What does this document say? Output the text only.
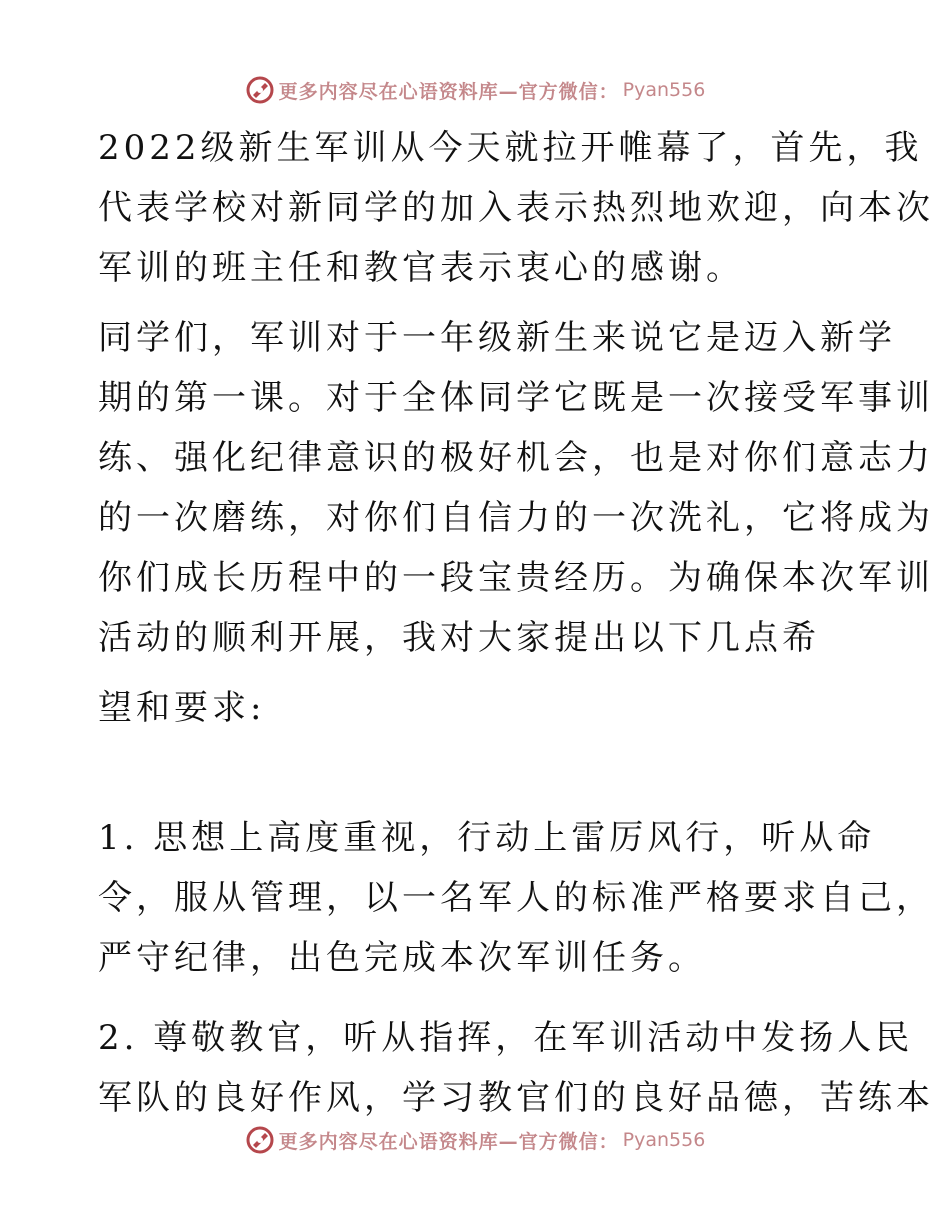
更多内容尽在心语资料库—官方微信： Pyan556

2022级新生军训从今天就拉开帷幕了，首先，我
代表学校对新同学的加入表示热烈地欢迎，向本次
军训的班主任和教官表示衷心的感谢。

同学们，军训对于一年级新生来说它是迈入新学
期的第一课。对于全体同学它既是一次接受军事训
练、强化纪律意识的极好机会，也是对你们意志力
的一次磨练，对你们自信力的一次洗礼，它将成为
你们成长历程中的一段宝贵经历。为确保本次军训
活动的顺利开展，我对大家提出以下几点希

望和要求:

1. 思想上高度重视，行动上雷厉风行，听从命
令，服从管理，以一名军人的标准严格要求自己，
严守纪律，出色完成本次军训任务。

2. 尊敬教官，听从指挥，在军训活动中发扬人民
军队的良好作风，学习教官们的良好品德，苦练本

更多内容尽在心语资料库—官方微信： Pyan556
